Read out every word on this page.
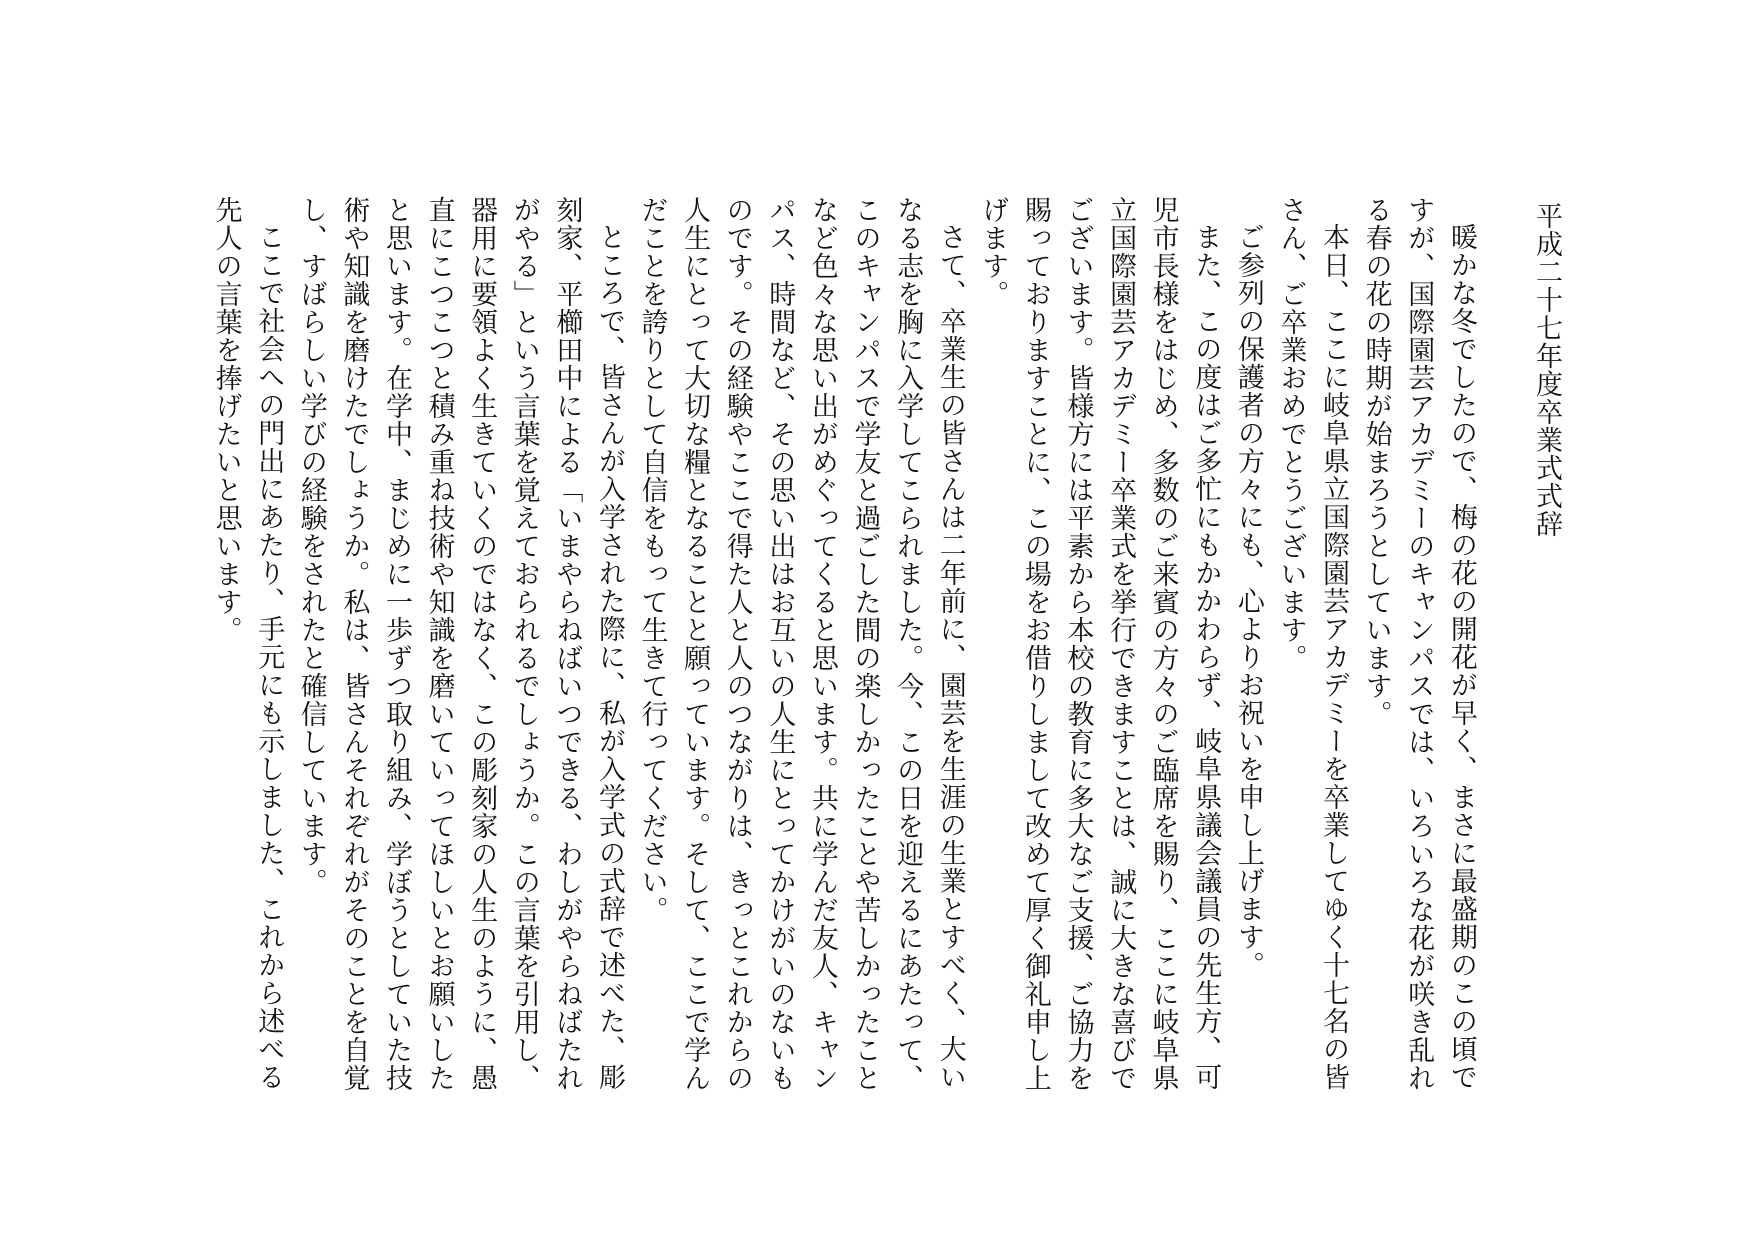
平成二十七年度卒業式式辞

暖かな冬でしたので、梅の花の開花が早く、まさに最盛期のこの頃ですが、国際園芸アカデミーのキャンパスでは、いろいろな花が咲き乱れる春の花の時期が始まろうとしています。

本日、ここに岐阜県立国際園芸アカデミーを卒業してゆく十七名の皆さん、ご卒業おめでとうございます。

ご参列の保護者の方々にも、心よりお祝いを申し上げます。

また、この度はご多忙にもかかわらず、岐阜県議会議員の先生方、可児市長様をはじめ、多数のご来賓の方々のご臨席を賜り、ここに岐阜県立国際園芸アカデミー卒業式を挙行できますことは、誠に大きな喜びでございます。皆様方には平素から本校の教育に多大なご支援、ご協力を賜っておりますことに、この場をお借りしまして改めて厚く御礼申し上げます。

さて、卒業生の皆さんは二年前に、園芸を生涯の生業とすべく、大いなる志を胸に入学してこられました。今、この日を迎えるにあたって、このキャンパスで学友と過ごした間の楽しかったことや苦しかったことなど色々な思い出がめぐってくると思います。共に学んだ友人、キャンパス、時間など、その思い出はお互いの人生にとってかけがいのないものです。その経験やここで得た人と人のつながりは、きっとこれからの人生にとって大切な糧となることと願っています。そして、ここで学んだことを誇りとして自信をもって生きて行ってください。

ところで、皆さんが入学された際に、私が入学式の式辞で述べた、彫刻家、平櫛田中による「いまやらねばいつできる、わしがやらねばたれがやる」という言葉を覚えておられるでしょうか。この言葉を引用し、器用に要領よく生きていくのではなく、この彫刻家の人生のように、愚直にこつこつと積み重ね技術や知識を磨いていってほしいとお願いしたと思います。在学中、まじめに一歩ずつ取り組み、学ぼうとしていた技術や知識を磨けたでしょうか。私は、皆さんそれぞれがそのことを自覚し、すばらしい学びの経験をされたと確信しています。

ここで社会への門出にあたり、手元にも示しました、これから述べる先人の言葉を捧げたいと思います。
